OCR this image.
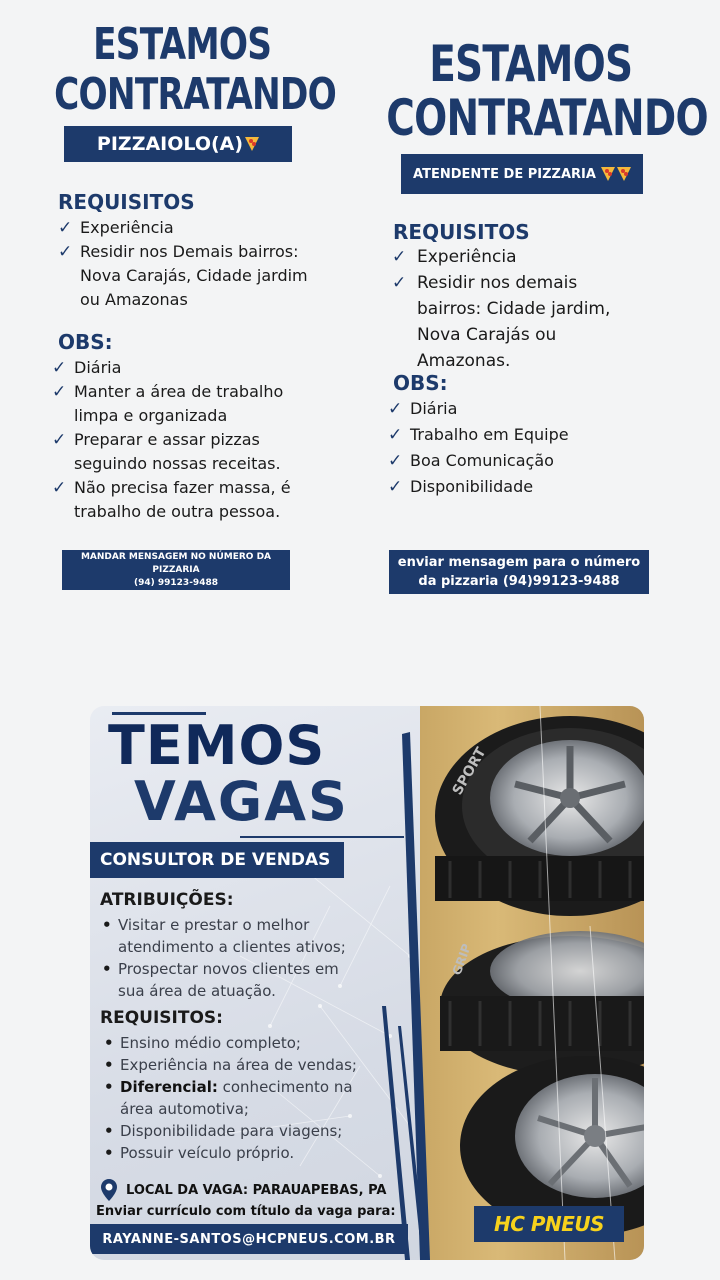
ESTAMOS
CONTRATANDO
PIZZAIOLO(A)
REQUISITOS
✓ Experiência
✓ Residir nos Demais bairros: Nova Carajás, Cidade jardim ou Amazonas
OBS:
✓ Diária
✓ Manter a área de trabalho limpa e organizada
✓ Preparar e assar pizzas seguindo nossas receitas.
✓ Não precisa fazer massa, é trabalho de outra pessoa.
MANDAR MENSAGEM NO NÚMERO DA PIZZARIA
(94) 99123-9488
ESTAMOS
CONTRATANDO
ATENDENTE DE PIZZARIA
REQUISITOS
✓ Experiência
✓ Residir nos demais bairros: Cidade jardim, Nova Carajás ou Amazonas.
OBS:
✓ Diária
✓ Trabalho em Equipe
✓ Boa Comunicação
✓ Disponibilidade
enviar mensagem para o número
da pizzaria (94)99123-9488
SPORT
GRIP
TEMOS
VAGAS
CONSULTOR DE VENDAS
ATRIBUIÇÕES:
• Visitar e prestar o melhor atendimento a clientes ativos;
• Prospectar novos clientes em sua área de atuação.
REQUISITOS:
• Ensino médio completo;
• Experiência na área de vendas;
• Diferencial: conhecimento na área automotiva;
• Disponibilidade para viagens;
• Possuir veículo próprio.
LOCAL DA VAGA: PARAUAPEBAS, PA
Enviar currículo com título da vaga para:
RAYANNE-SANTOS@HCPNEUS.COM.BR
HC PNEUS
